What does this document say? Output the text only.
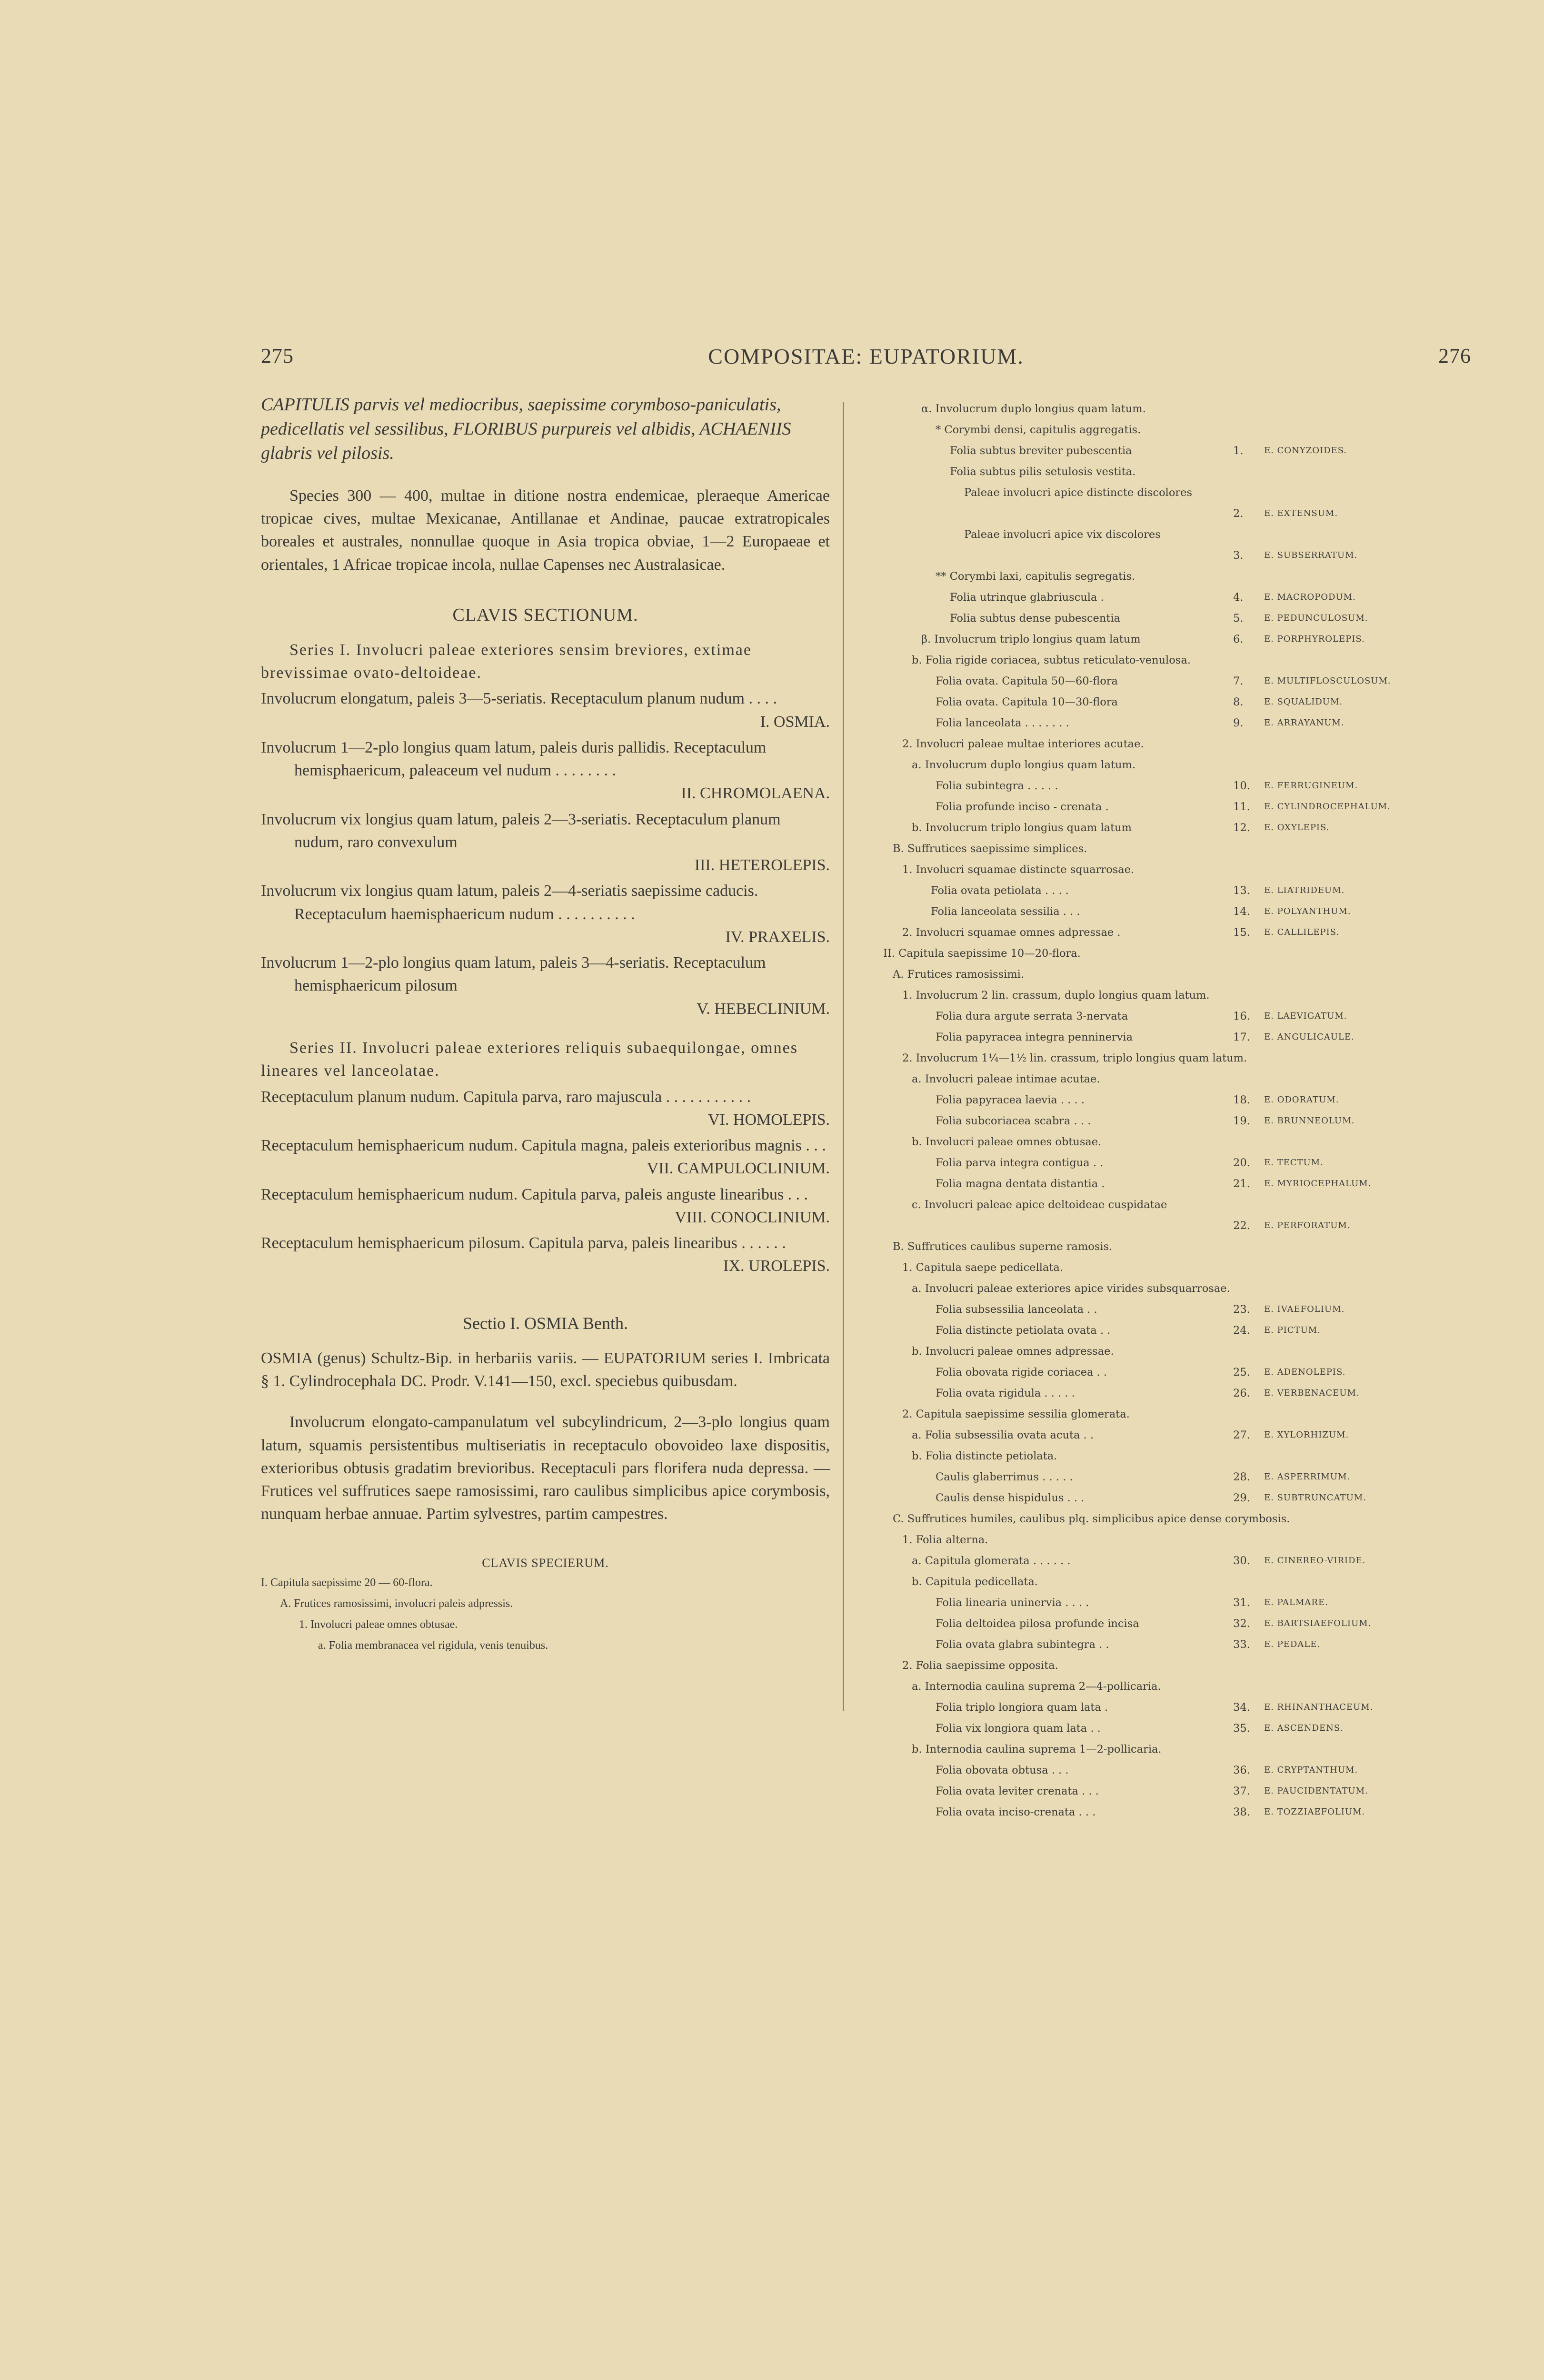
275	COMPOSITAE: EUPATORIUM.	276
CAPITULIS parvis vel mediocribus, saepissime corymboso-paniculatis, pedicellatis vel sessilibus, FLORIBUS purpureis vel albidis, ACHAENIIS glabris vel pilosis.
Species 300 — 400, multae in ditione nostra endemicae, pleraeque Americae tropicae cives, multae Mexicanae, Antillanae et Andinae, paucae extratropicales boreales et australes, nonnullae quoque in Asia tropica obviae, 1—2 Europaeae et orientales, 1 Africae tropicae incola, nullae Capenses nec Australasicae.
CLAVIS SECTIONUM.
Series I. Involucri paleae exteriores sensim breviores, extimae brevissimae ovato-deltoideae.
Involucrum elongatum, paleis 3—5-seriatis. Receptaculum planum nudum . . . .
I. OSMIA.
Involucrum 1—2-plo longius quam latum, paleis duris pallidis. Receptaculum hemisphaericum, paleaceum vel nudum . . . . . . . .
II. CHROMOLAENA.
Involucrum vix longius quam latum, paleis 2—3-seriatis. Receptaculum planum nudum, raro convexulum
III. HETEROLEPIS.
Involucrum vix longius quam latum, paleis 2—4-seriatis saepissime caducis. Receptaculum haemisphaericum nudum . . . . . . . . . .
IV. PRAXELIS.
Involucrum 1—2-plo longius quam latum, paleis 3—4-seriatis. Receptaculum hemisphaericum pilosum
V. HEBECLINIUM.
Series II. Involucri paleae exteriores reliquis subaequilongae, omnes lineares vel lanceolatae.
Receptaculum planum nudum. Capitula parva, raro majuscula . . . . . . . . . . .
VI. HOMOLEPIS.
Receptaculum hemisphaericum nudum. Capitula magna, paleis exterioribus magnis . . .
VII. CAMPULOCLINIUM.
Receptaculum hemisphaericum nudum. Capitula parva, paleis anguste linearibus . . .
VIII. CONOCLINIUM.
Receptaculum hemisphaericum pilosum. Capitula parva, paleis linearibus . . . . . .
IX. UROLEPIS.
Sectio I. OSMIA Benth.
OSMIA (genus) Schultz-Bip. in herbariis variis. — EUPATORIUM series I. Imbricata § 1. Cylindrocephala DC. Prodr. V.141—150, excl. speciebus quibusdam.
Involucrum elongato-campanulatum vel subcylindricum, 2—3-plo longius quam latum, squamis persistentibus multiseriatis in receptaculo obovoideo laxe dispositis, exterioribus obtusis gradatim brevioribus. Receptaculi pars florifera nuda depressa. — Frutices vel suffrutices saepe ramosissimi, raro caulibus simplicibus apice corymbosis, nunquam herbae annuae. Partim sylvestres, partim campestres.
CLAVIS SPECIERUM.
I. Capitula saepissime 20 — 60-flora.
A. Frutices ramosissimi, involucri paleis adpressis.
1. Involucri paleae omnes obtusae.
a. Folia membranacea vel rigidula, venis tenuibus.
α. Involucrum duplo longius quam latum.
* Corymbi densi, capitulis aggregatis.
Folia subtus breviter pubescentia	1. E. CONYZOIDES.
Folia subtus pilis setulosis vestita.
Paleae involucri apice distincte discolores
2. E. EXTENSUM.
Paleae involucri apice vix discolores
3. E. SUBSERRATUM.
** Corymbi laxi, capitulis segregatis.
Folia utrinque glabriuscula .	4. E. MACROPODUM.
Folia subtus dense pubescentia	5. E. PEDUNCULOSUM.
β. Involucrum triplo longius quam latum	6. E. PORPHYROLEPIS.
b. Folia rigide coriacea, subtus reticulato-venulosa.
Folia ovata. Capitula 50—60-flora	7. E. MULTIFLOSCULOSUM.
Folia ovata. Capitula 10—30-flora	8. E. SQUALIDUM.
Folia lanceolata . . . . . . .	9. E. ARRAYANUM.
2. Involucri paleae multae interiores acutae.
a. Involucrum duplo longius quam latum.
Folia subintegra . . . . .	10. E. FERRUGINEUM.
Folia profunde inciso - crenata .	11. E. CYLINDROCEPHALUM.
b. Involucrum triplo longius quam latum	12. E. OXYLEPIS.
B. Suffrutices saepissime simplices.
1. Involucri squamae distincte squarrosae.
Folia ovata petiolata . . . .	13. E. LIATRIDEUM.
Folia lanceolata sessilia . . .	14. E. POLYANTHUM.
2. Involucri squamae omnes adpressae .	15. E. CALLILEPIS.
II. Capitula saepissime 10—20-flora.
A. Frutices ramosissimi.
1. Involucrum 2 lin. crassum, duplo longius quam latum.
Folia dura argute serrata 3-nervata	16. E. LAEVIGATUM.
Folia papyracea integra penninervia	17. E. ANGULICAULE.
2. Involucrum 1¼—1½ lin. crassum, triplo longius quam latum.
a. Involucri paleae intimae acutae.
Folia papyracea laevia . . . .	18. E. ODORATUM.
Folia subcoriacea scabra . . .	19. E. BRUNNEOLUM.
b. Involucri paleae omnes obtusae.
Folia parva integra contigua . .	20. E. TECTUM.
Folia magna dentata distantia .	21. E. MYRIOCEPHALUM.
c. Involucri paleae apice deltoideae cuspidatae
22. E. PERFORATUM.
B. Suffrutices caulibus superne ramosis.
1. Capitula saepe pedicellata.
a. Involucri paleae exteriores apice virides subsquarrosae.
Folia subsessilia lanceolata . .	23. E. IVAEFOLIUM.
Folia distincte petiolata ovata . .	24. E. PICTUM.
b. Involucri paleae omnes adpressae.
Folia obovata rigide coriacea . .	25. E. ADENOLEPIS.
Folia ovata rigidula . . . . .	26. E. VERBENACEUM.
2. Capitula saepissime sessilia glomerata.
a. Folia subsessilia ovata acuta . .	27. E. XYLORHIZUM.
b. Folia distincte petiolata.
Caulis glaberrimus . . . . .	28. E. ASPERRIMUM.
Caulis dense hispidulus . . .	29. E. SUBTRUNCATUM.
C. Suffrutices humiles, caulibus plq. simplicibus apice dense corymbosis.
1. Folia alterna.
a. Capitula glomerata . . . . . .	30. E. CINEREO-VIRIDE.
b. Capitula pedicellata.
Folia linearia uninervia . . . .	31. E. PALMARE.
Folia deltoidea pilosa profunde incisa	32. E. BARTSIAEFOLIUM.
Folia ovata glabra subintegra . .	33. E. PEDALE.
2. Folia saepissime opposita.
a. Internodia caulina suprema 2—4-pollicaria.
Folia triplo longiora quam lata .	34. E. RHINANTHACEUM.
Folia vix longiora quam lata . .	35. E. ASCENDENS.
b. Internodia caulina suprema 1—2-pollicaria.
Folia obovata obtusa . . .	36. E. CRYPTANTHUM.
Folia ovata leviter crenata . . .	37. E. PAUCIDENTATUM.
Folia ovata inciso-crenata . . .	38. E. TOZZIAEFOLIUM.
